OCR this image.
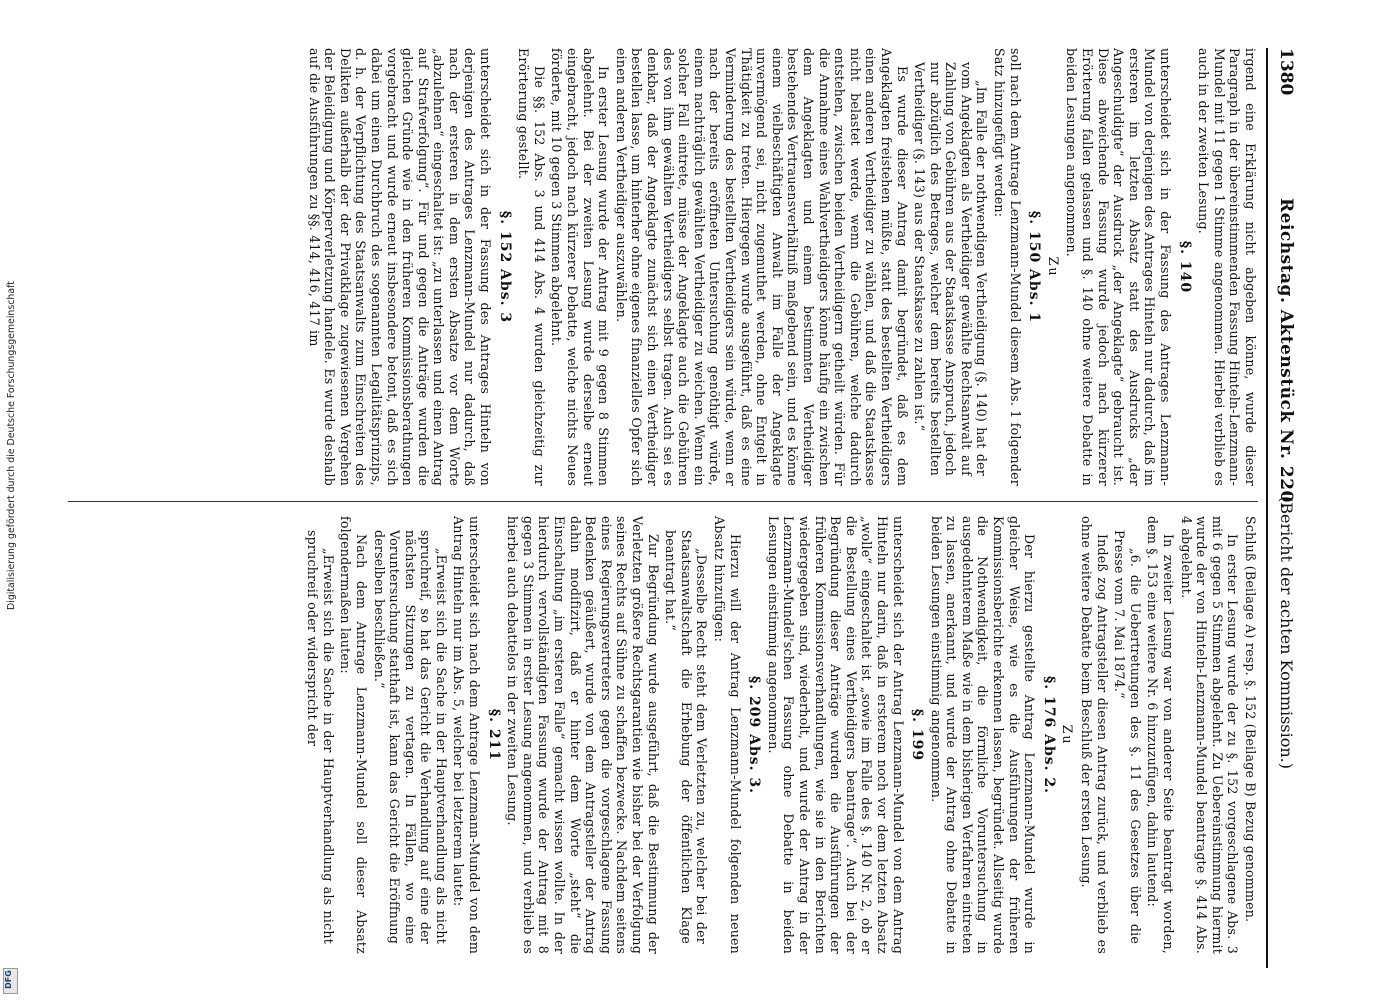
1380
Reichstag. Aktenstück Nr. 220.
(Bericht der achten Kommission.)

irgend eine Erklärung nicht abgeben könne, wurde dieser Paragraph in der übereinstimmenden Fassung Hinteln-Lenzmann-Mundel mit 11 gegen 1 Stimme angenommen. Hierbei verblieb es auch in der zweiten Lesung.

§. 140

unterscheidet sich in der Fassung des Antrages Lenzmann-Mundel von derjenigen des Antrages Hinteln nur dadurch, daß im ersteren im letzten Absatz statt des Ausdrucks „der Angeschuldigte“ der Ausdruck „der Angeklagte“ gebraucht ist. Diese abweichende Fassung wurde jedoch nach kürzerer Erörterung fallen gelassen und §. 140 ohne weitere Debatte in beiden Lesungen angenommen.

Zu
§. 150 Abs. 1

soll nach dem Antrage Lenzmann-Mundel diesem Abs. 1 folgender Satz hinzugefügt werden:

„Im Falle der nothwendigen Vertheidigung (§. 140) hat der vom Angeklagten als Vertheidiger gewählte Rechtsanwalt auf Zahlung von Gebühren aus der Staatskasse Anspruch, jedoch nur abzüglich des Betrages, welcher dem bereits bestellten Vertheidiger (§. 143) aus der Staatskasse zu zahlen ist.“

Es wurde dieser Antrag damit begründet, daß es dem Angeklagten freistehen müßte, statt des bestellten Vertheidigers einen anderen Vertheidiger zu wählen, und daß die Staatskasse nicht belastet werde, wenn die Gebühren, welche dadurch entstehen, zwischen beiden Vertheidigern getheilt würden. Für die Annahme eines Wahlvertheidigers könne häufig ein zwischen dem Angeklagten und einem bestimmten Vertheidiger bestehendes Vertrauensverhältniß maßgebend sein, und es könne einem vielbeschäftigten Anwalt im Falle der Angeklagte unvermögend sei, nicht zugemuthet werden, ohne Entgelt in Thätigkeit zu treten. Hiergegen wurde ausgeführt, daß es eine Verminderung des bestellten Vertheidigers sein würde, wenn er nach der bereits eröffneten Untersuchung genöthigt würde, einem nachträglich gewählten Vertheidiger zu weichen. Wenn ein solcher Fall eintrete, müsse der Angeklagte auch die Gebühren des von ihm gewählten Vertheidigers selbst tragen. Auch sei es denkbar, daß der Angeklagte zunächst sich einen Vertheidiger bestellen lasse, um hinterher ohne eigenes finanzielles Opfer sich einen anderen Vertheidiger auszuwählen.

In erster Lesung wurde der Antrag mit 9 gegen 8 Stimmen abgelehnt. Bei der zweiten Lesung wurde derselbe erneut eingebracht, jedoch nach kürzerer Debatte, welche nichts Neues förderte, mit 10 gegen 3 Stimmen abgelehnt.

Die §§. 152 Abs. 3 und 414 Abs. 4 wurden gleichzeitig zur Erörterung gestellt.

§. 152 Abs. 3

unterscheidet sich in der Fassung des Antrages Hinteln von derjenigen des Antrages Lenzmann-Mundel nur dadurch, daß nach der ersteren in dem ersten Absatze vor dem Worte „abzulehnen“ eingeschaltet ist: „zu unterlassen und einen Antrag auf Strafverfolgung“. Für und gegen die Anträge wurden die gleichen Gründe wie in den früheren Kommissionsberathungen vorgebracht und wurde erneut insbesondere betont, daß es sich dabei um einen Durchbruch des sogenannten Legalitätsprinzips, d. h. der Verpflichtung des Staatsanwalts zum Einschreiten des Delikten außerhalb der der Privatklage zugewiesenen Vergehen der Beleidigung und Körperverletzung handele. Es wurde deshalb auf die Ausführungen zu §§. 414, 416, 417 im

Schluß (Beilage A) resp. §. 152 (Beilage B) Bezug genommen.

In erster Lesung wurde der zu §. 152 vorgeschlagene Abs. 3 mit 6 gegen 5 Stimmen abgelehnt. Zu Uebereinstimmung hiermit wurde der von Hinteln-Lenzmann-Mundel beantragte §. 414 Abs. 4 abgelehnt.

In zweiter Lesung war von anderer Seite beantragt worden, dem §. 153 eine weitere Nr. 6 hinzuzufügen, dahin lautend:

„6. die Uebertretungen des §. 11 des Gesetzes über die Presse vom 7. Mai 1874.“

Indeß zog Antragsteller diesen Antrag zurück, und verblieb es ohne weitere Debatte beim Beschluß der ersten Lesung.

Zu
§. 176 Abs. 2.

Der hierzu gestellte Antrag Lenzmann-Mundel wurde in gleicher Weise, wie es die Ausführungen der früheren Kommissionsberichte erkennen lassen, begründet. Allseitig wurde die Nothwendigkeit, die förmliche Voruntersuchung in ausgedehnterem Maße wie in dem bisherigen Verfahren eintreten zu lassen, anerkannt, und wurde der Antrag ohne Debatte in beiden Lesungen einstimmig angenommen.

§. 199

unterscheidet sich der Antrag Lenzmann-Mundel von dem Antrag Hinteln nur darin, daß in ersterem noch vor dem letzten Absatz „wolle“ eingeschaltet ist „sowie im Falle des §. 140 Nr. 2, ob er die Bestellung eines Vertheidigers beantrage“. Auch bei der Begründung dieser Anträge wurden die Ausführungen der früheren Kommissionsverhandlungen, wie sie in den Berichten wiedergegeben sind, wiederholt, und wurde der Antrag in der Lenzmann-Mundel'schen Fassung ohne Debatte in beiden Lesungen einstimmig angenommen.

§. 209 Abs. 3.

Hierzu will der Antrag Lenzmann-Mundel folgenden neuen Absatz hinzufügen:

„Desselbe Recht steht dem Verletzten zu, welcher bei der Staatsanwaltschaft die Erhebung der öffentlichen Klage beantragt hat.“

Zur Begründung wurde ausgeführt, daß die Bestimmung der Verletzten größere Rechtsgarantien wie bisher bei der Verfolgung seines Rechts auf Sühne zu schaffen bezwecke. Nachdem seitens eines Regierungsvertreters gegen die vorgeschlagene Fassung Bedenken geäußert, wurde von dem Antragsteller der Antrag dahin modifizirt, daß er hinter dem Worte „steht“ die Einschaltung „im ersteren Falle“ gemacht wissen wollte. In der hierdurch vervollständigten Fassung wurde der Antrag mit 8 gegen 3 Stimmen in erster Lesung angenommen, und verblieb es hierbei auch debattelos in der zweiten Lesung.

§. 211

unterscheidet sich nach dem Antrage Lenzmann-Mundel von dem Antrag Hinteln nur im Abs. 5, welcher bei letzterem lautet:

„Erweist sich die Sache in der Hauptverhandlung als nicht spruchreif, so hat das Gericht die Verhandlung auf eine der nächsten Sitzungen zu vertagen. In Fällen, wo eine Voruntersuchung statthaft ist, kann das Gericht die Eröffnung derselben beschließen.“

Nach dem Antrage Lenzmann-Mundel soll dieser Absatz folgendermaßen lauten:

„Erweist sich die Sache in der Hauptverhandlung als nicht spruchreif oder widerspricht der

Digitalisierung gefördert durch die Deutsche Forschungsgemeinschaft
DFG
